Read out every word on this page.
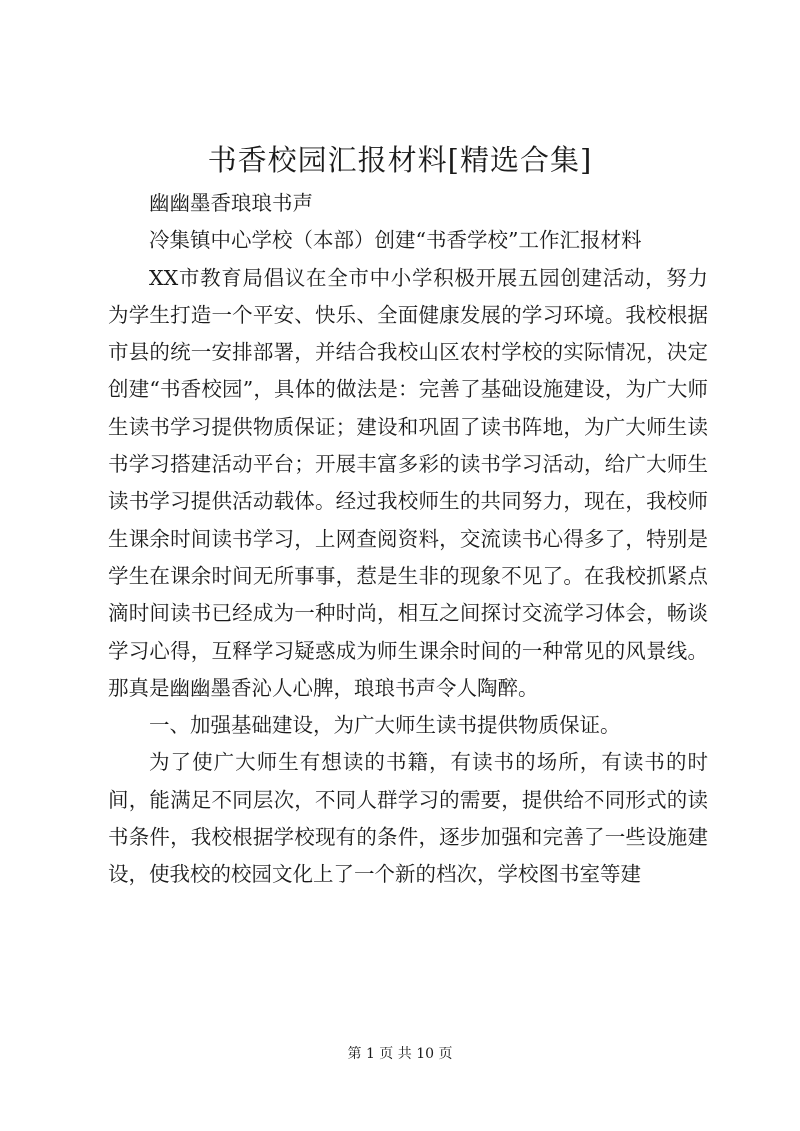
书香校园汇报材料[精选合集]

幽幽墨香琅琅书声

冷集镇中心学校（本部）创建“书香学校”工作汇报材料

XX市教育局倡议在全市中小学积极开展五园创建活动，努力为学生打造一个平安、快乐、全面健康发展的学习环境。我校根据市县的统一安排部署，并结合我校山区农村学校的实际情况，决定创建“书香校园”，具体的做法是：完善了基础设施建设，为广大师生读书学习提供物质保证；建设和巩固了读书阵地，为广大师生读书学习搭建活动平台；开展丰富多彩的读书学习活动，给广大师生读书学习提供活动载体。经过我校师生的共同努力，现在，我校师生课余时间读书学习，上网查阅资料，交流读书心得多了，特别是学生在课余时间无所事事，惹是生非的现象不见了。在我校抓紧点滴时间读书已经成为一种时尚，相互之间探讨交流学习体会，畅谈学习心得，互释学习疑惑成为师生课余时间的一种常见的风景线。那真是幽幽墨香沁人心脾，琅琅书声令人陶醉。

一、加强基础建设，为广大师生读书提供物质保证。

为了使广大师生有想读的书籍，有读书的场所，有读书的时间，能满足不同层次，不同人群学习的需要，提供给不同形式的读书条件，我校根据学校现有的条件，逐步加强和完善了一些设施建设，使我校的校园文化上了一个新的档次，学校图书室等建

第 1 页 共 10 页
